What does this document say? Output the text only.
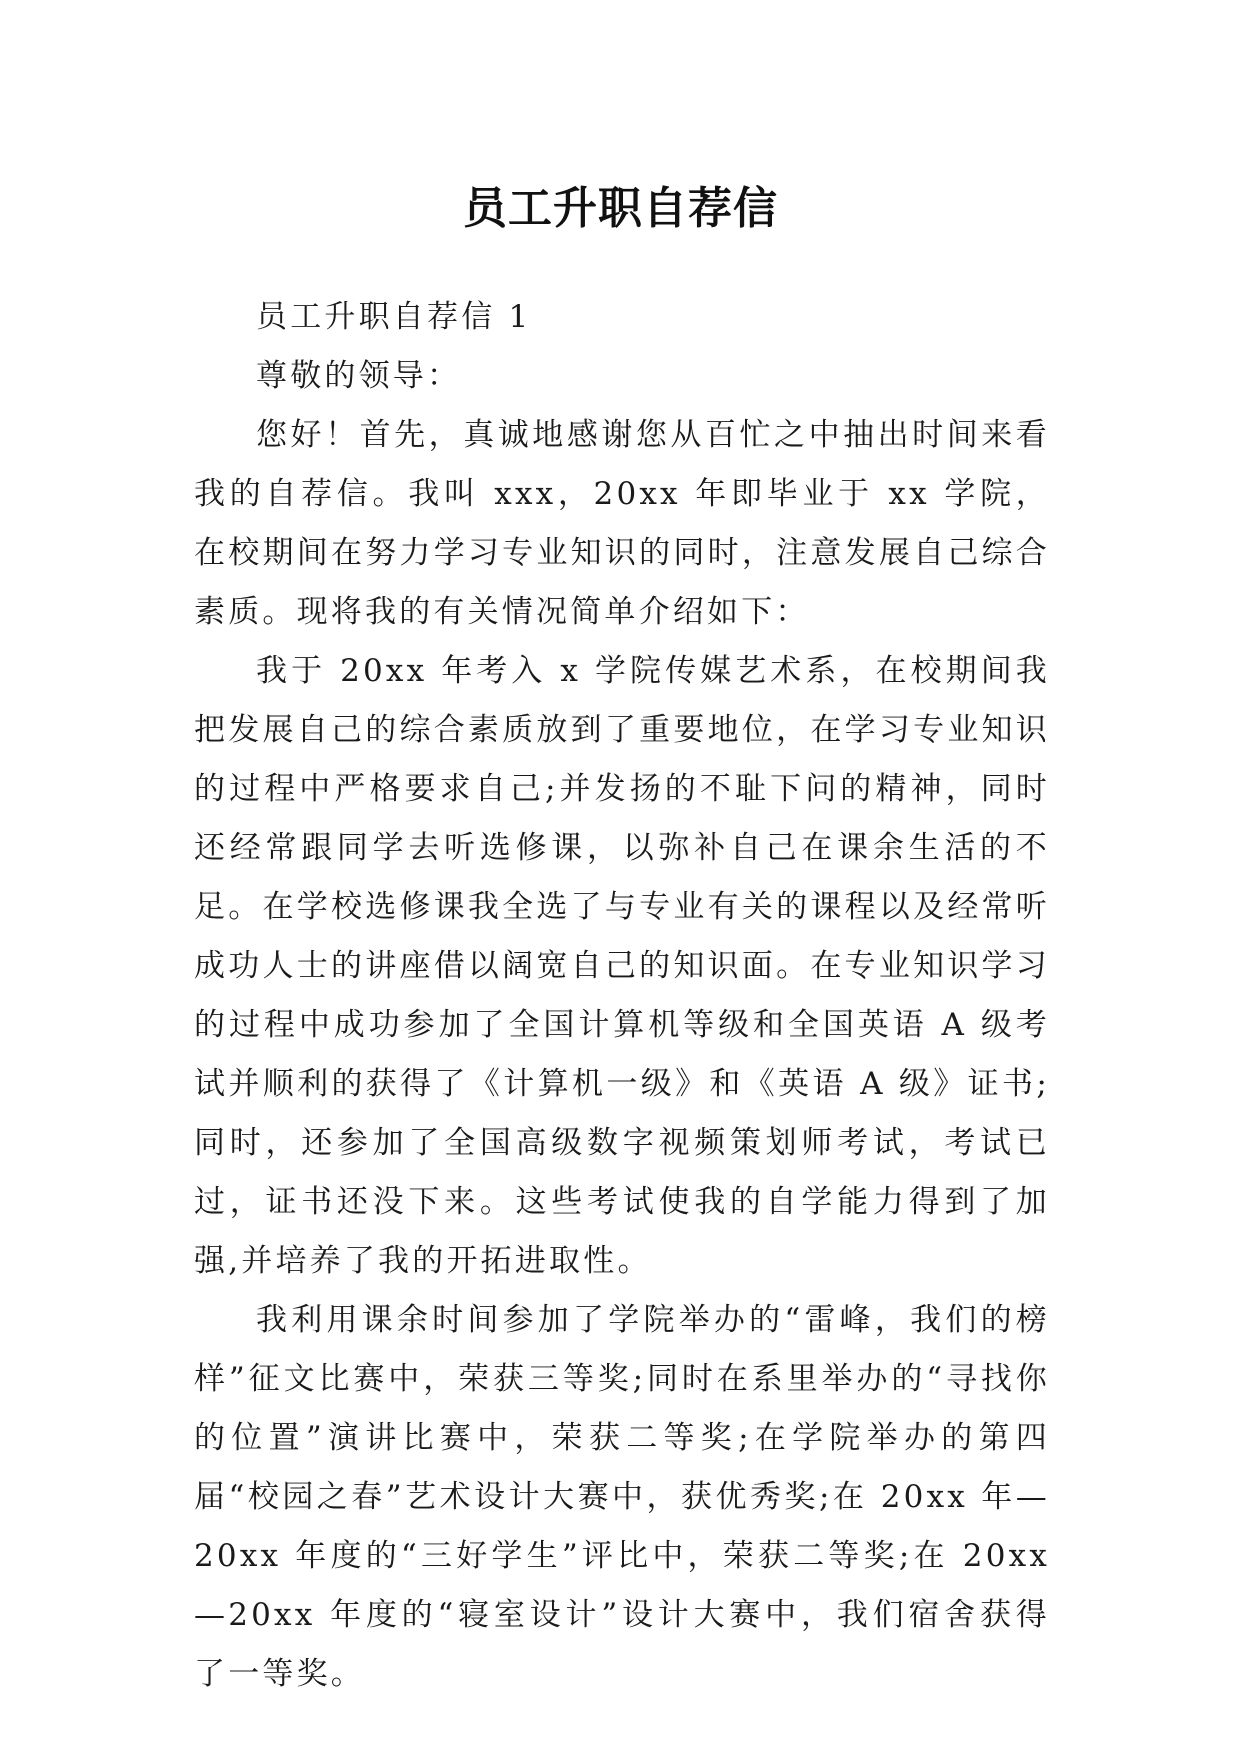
员工升职自荐信

员工升职自荐信 1

尊敬的领导：

您好！首先，真诚地感谢您从百忙之中抽出时间来看我的自荐信。我叫 xxx，20xx 年即毕业于 xx 学院，在校期间在努力学习专业知识的同时，注意发展自己综合素质。现将我的有关情况简单介绍如下：

我于 20xx 年考入 x 学院传媒艺术系，在校期间我把发展自己的综合素质放到了重要地位，在学习专业知识的过程中严格要求自己;并发扬的不耻下问的精神，同时还经常跟同学去听选修课，以弥补自己在课余生活的不足。在学校选修课我全选了与专业有关的课程以及经常听成功人士的讲座借以阔宽自己的知识面。在专业知识学习的过程中成功参加了全国计算机等级和全国英语 A 级考试并顺利的获得了《计算机一级》和《英语 A 级》证书;同时，还参加了全国高级数字视频策划师考试，考试已过，证书还没下来。这些考试使我的自学能力得到了加强,并培养了我的开拓进取性。

我利用课余时间参加了学院举办的“雷峰，我们的榜样”征文比赛中，荣获三等奖;同时在系里举办的“寻找你的位置”演讲比赛中，荣获二等奖;在学院举办的第四届“校园之春”艺术设计大赛中，获优秀奖;在 20xx 年—20xx 年度的“三好学生”评比中，荣获二等奖;在 20xx—20xx 年度的“寝室设计”设计大赛中，我们宿舍获得了一等奖。
